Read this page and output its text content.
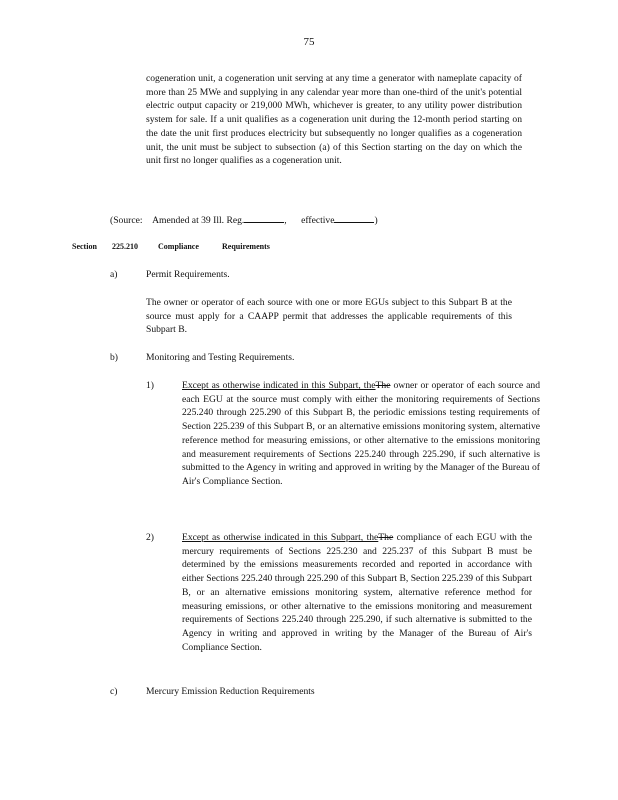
75
cogeneration unit, a cogeneration unit serving at any time a generator with nameplate capacity of more than 25 MWe and supplying in any calendar year more than one-third of the unit's potential electric output capacity or 219,000 MWh, whichever is greater, to any utility power distribution system for sale. If a unit qualifies as a cogeneration unit during the 12-month period starting on the date the unit first produces electricity but subsequently no longer qualifies as a cogeneration unit, the unit must be subject to subsection (a) of this Section starting on the day on which the unit first no longer qualifies as a cogeneration unit.
(Source: Amended at 39 Ill. Reg.	,      effective	)
Section 225.210	Compliance	Requirements
a)	Permit Requirements.
The owner or operator of each source with one or more EGUs subject to this Subpart B at the source must apply for a CAAPP permit that addresses the applicable requirements of this Subpart B.
b)	Monitoring and Testing Requirements.
1)	Except as otherwise indicated in this Subpart, theThe owner or operator of each source and each EGU at the source must comply with either the monitoring requirements of Sections 225.240 through 225.290 of this Subpart B, the periodic emissions testing requirements of Section 225.239 of this Subpart B, or an alternative emissions monitoring system, alternative reference method for measuring emissions, or other alternative to the emissions monitoring and measurement requirements of Sections 225.240 through 225.290, if such alternative is submitted to the Agency in writing and approved in writing by the Manager of the Bureau of Air's Compliance Section.
2)	Except as otherwise indicated in this Subpart, theThe compliance of each EGU with the mercury requirements of Sections 225.230 and 225.237 of this Subpart B must be determined by the emissions measurements recorded and reported in accordance with either Sections 225.240 through 225.290 of this Subpart B, Section 225.239 of this Subpart B, or an alternative emissions monitoring system, alternative reference method for measuring emissions, or other alternative to the emissions monitoring and measurement requirements of Sections 225.240 through 225.290, if such alternative is submitted to the Agency in writing and approved in writing by the Manager of the Bureau of Air's Compliance Section.
c)	Mercury Emission Reduction Requirements
